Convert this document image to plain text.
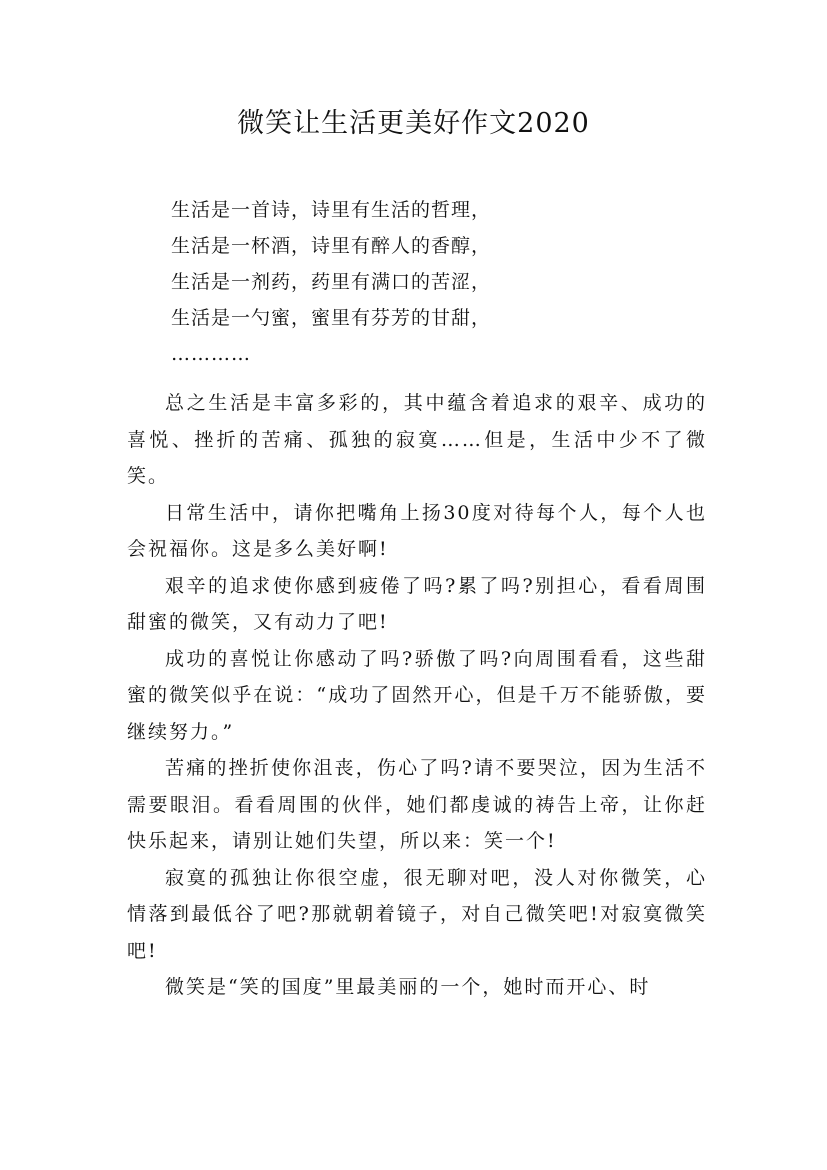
微笑让生活更美好作文2020
生活是一首诗，诗里有生活的哲理，
生活是一杯酒，诗里有醉人的香醇，
生活是一剂药，药里有满口的苦涩，
生活是一勺蜜，蜜里有芬芳的甘甜，
…………

总之生活是丰富多彩的，其中蕴含着追求的艰辛、成功的喜悦、挫折的苦痛、孤独的寂寞……但是，生活中少不了微笑。

日常生活中，请你把嘴角上扬30度对待每个人，每个人也会祝福你。这是多么美好啊!

艰辛的追求使你感到疲倦了吗?累了吗?别担心，看看周围甜蜜的微笑，又有动力了吧!

成功的喜悦让你感动了吗?骄傲了吗?向周围看看，这些甜蜜的微笑似乎在说：“成功了固然开心，但是千万不能骄傲，要继续努力。”

苦痛的挫折使你沮丧，伤心了吗?请不要哭泣，因为生活不需要眼泪。看看周围的伙伴，她们都虔诚的祷告上帝，让你赶快乐起来，请别让她们失望，所以来：笑一个!

寂寞的孤独让你很空虚，很无聊对吧，没人对你微笑，心情落到最低谷了吧?那就朝着镜子，对自己微笑吧!对寂寞微笑吧!

微笑是“笑的国度”里最美丽的一个，她时而开心、时
